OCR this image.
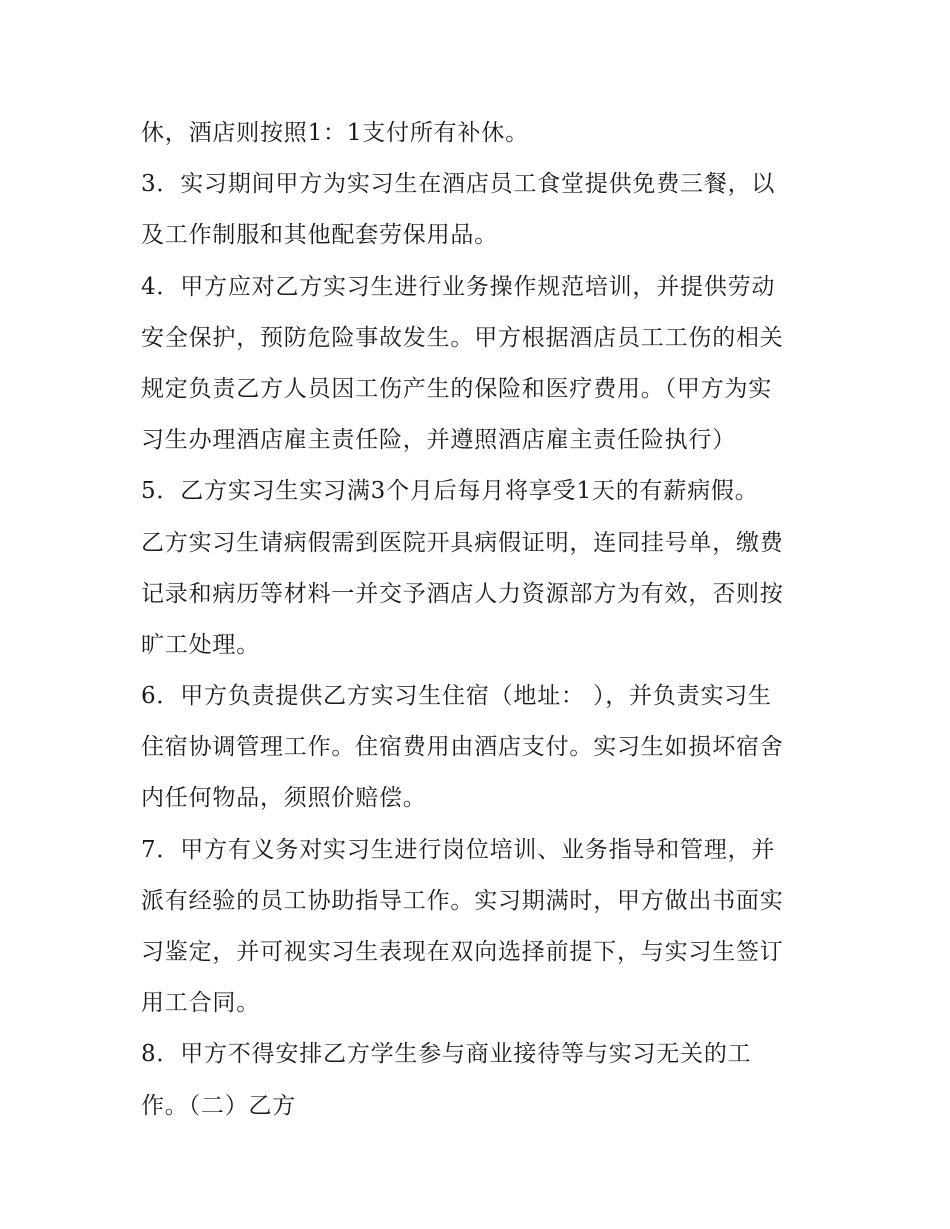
休，酒店则按照1：1支付所有补休。
3．实习期间甲方为实习生在酒店员工食堂提供免费三餐，以
及工作制服和其他配套劳保用品。
4．甲方应对乙方实习生进行业务操作规范培训，并提供劳动
安全保护，预防危险事故发生。甲方根据酒店员工工伤的相关
规定负责乙方人员因工伤产生的保险和医疗费用。（甲方为实
习生办理酒店雇主责任险，并遵照酒店雇主责任险执行）
5．乙方实习生实习满3个月后每月将享受1天的有薪病假。
乙方实习生请病假需到医院开具病假证明，连同挂号单，缴费
记录和病历等材料一并交予酒店人力资源部方为有效，否则按
旷工处理。
6．甲方负责提供乙方实习生住宿（地址： ），并负责实习生
住宿协调管理工作。住宿费用由酒店支付。实习生如损坏宿舍
内任何物品，须照价赔偿。
7．甲方有义务对实习生进行岗位培训、业务指导和管理，并
派有经验的员工协助指导工作。实习期满时，甲方做出书面实
习鉴定，并可视实习生表现在双向选择前提下，与实习生签订
用工合同。
8．甲方不得安排乙方学生参与商业接待等与实习无关的工
作。（二）乙方
